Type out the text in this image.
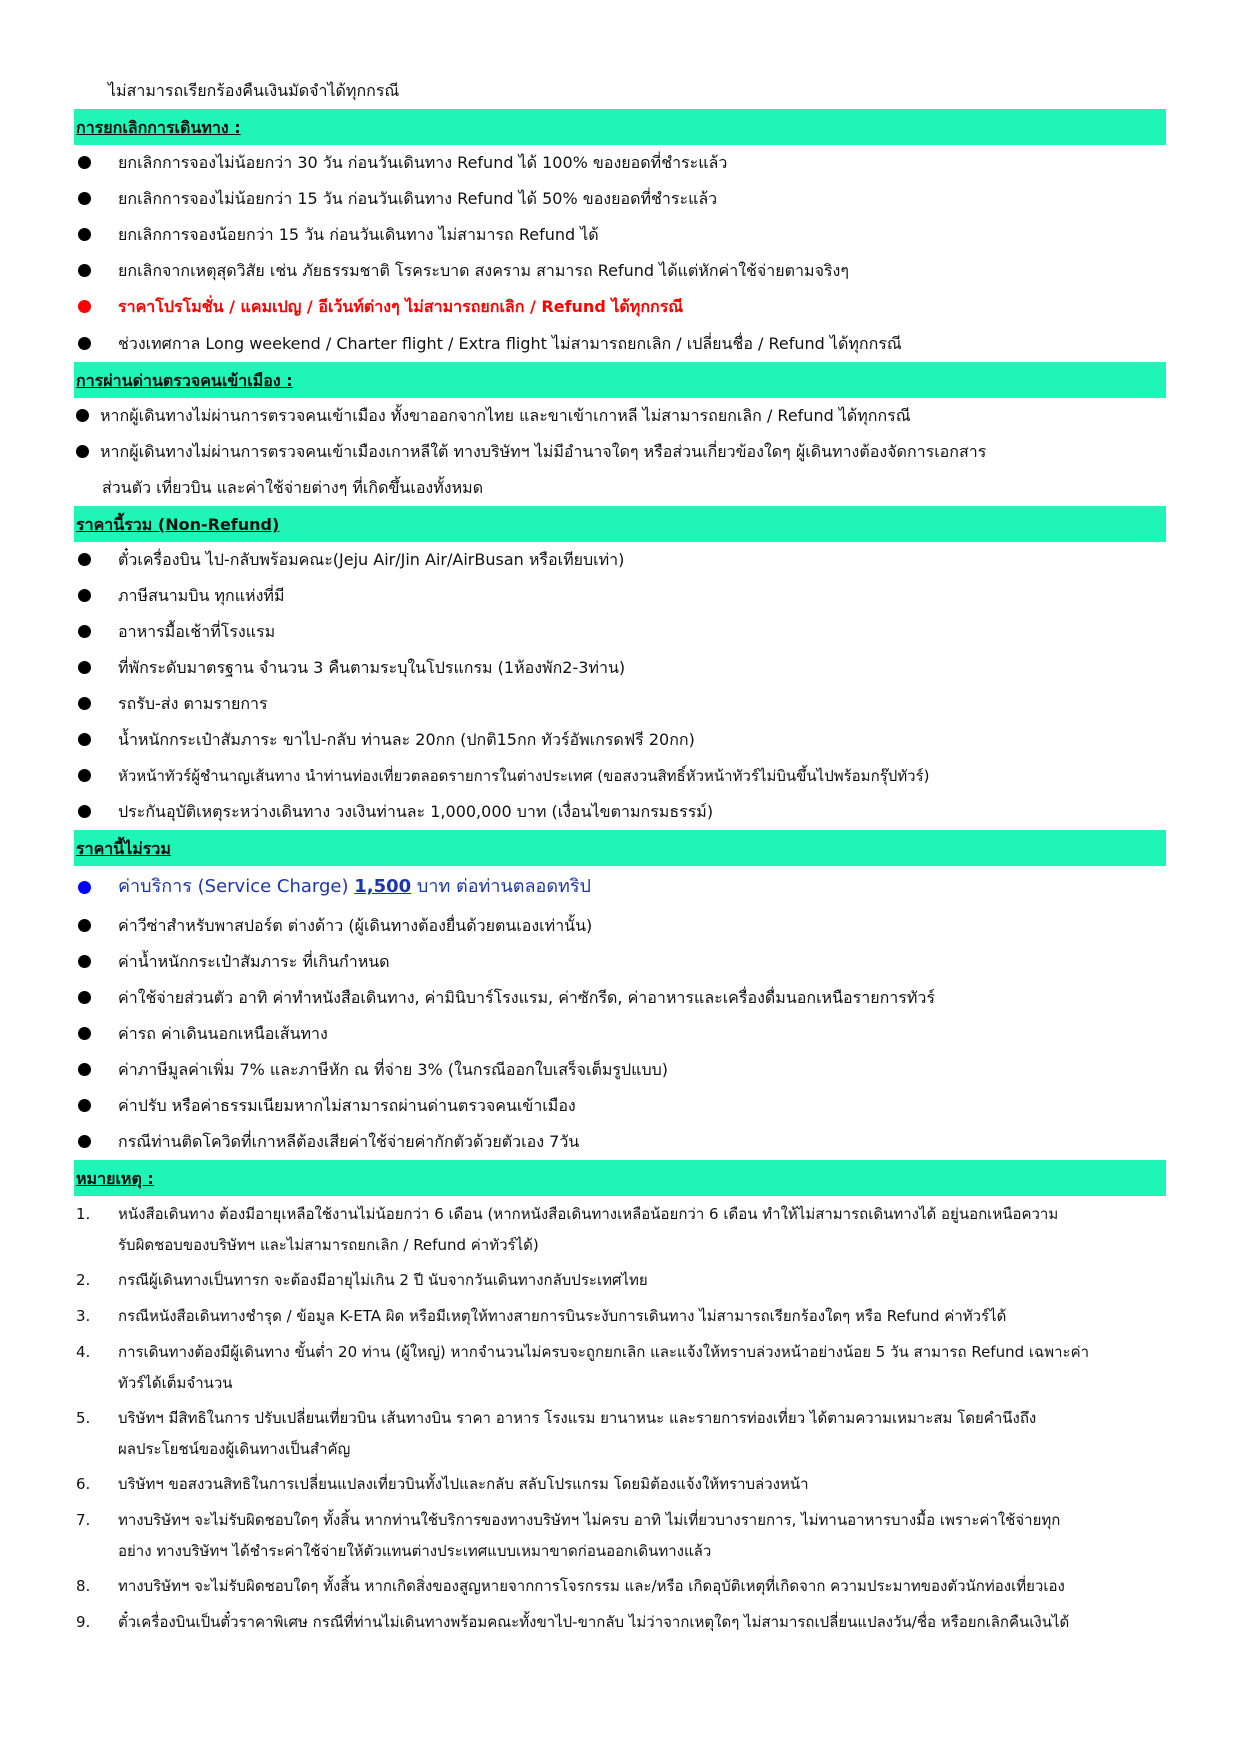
ไม่สามารถเรียกร้องคืนเงินมัดจำได้ทุกกรณี
การยกเลิกการเดินทาง :
ยกเลิกการจองไม่น้อยกว่า 30 วัน ก่อนวันเดินทาง Refund ได้ 100% ของยอดที่ชำระแล้ว
ยกเลิกการจองไม่น้อยกว่า 15 วัน ก่อนวันเดินทาง Refund ได้ 50% ของยอดที่ชำระแล้ว
ยกเลิกการจองน้อยกว่า 15 วัน ก่อนวันเดินทาง ไม่สามารถ Refund ได้
ยกเลิกจากเหตุสุดวิสัย เช่น ภัยธรรมชาติ โรคระบาด สงคราม สามารถ Refund ได้แต่หักค่าใช้จ่ายตามจริงๆ
ราคาโปรโมชั่น / แคมเปญ / อีเว้นท์ต่างๆ ไม่สามารถยกเลิก / Refund ได้ทุกกรณี
ช่วงเทศกาล Long weekend / Charter flight / Extra flight ไม่สามารถยกเลิก / เปลี่ยนชื่อ / Refund ได้ทุกกรณี
การผ่านด่านตรวจคนเข้าเมือง :
หากผู้เดินทางไม่ผ่านการตรวจคนเข้าเมือง ทั้งขาออกจากไทย และขาเข้าเกาหลี ไม่สามารถยกเลิก / Refund ได้ทุกกรณี
หากผู้เดินทางไม่ผ่านการตรวจคนเข้าเมืองเกาหลีใต้ ทางบริษัทฯ ไม่มีอำนาจใดๆ หรือส่วนเกี่ยวข้องใดๆ ผู้เดินทางต้องจัดการเอกสาร
ส่วนตัว เที่ยวบิน และค่าใช้จ่ายต่างๆ ที่เกิดขึ้นเองทั้งหมด
ราคานี้รวม (Non-Refund)
ตั๋วเครื่องบิน ไป-กลับพร้อมคณะ(Jeju Air/Jin Air/AirBusan หรือเทียบเท่า)
ภาษีสนามบิน ทุกแห่งที่มี
อาหารมื้อเช้าที่โรงแรม
ที่พักระดับมาตรฐาน จำนวน 3 คืนตามระบุในโปรแกรม (1ห้องพัก2-3ท่าน)
รถรับ-ส่ง ตามรายการ
น้ำหนักกระเป๋าสัมภาระ ขาไป-กลับ ท่านละ 20กก (ปกติ15กก ทัวร์อัพเกรดฟรี 20กก)
หัวหน้าทัวร์ผู้ชำนาญเส้นทาง นำท่านท่องเที่ยวตลอดรายการในต่างประเทศ (ขอสงวนสิทธิ์หัวหน้าทัวร์ไม่บินขึ้นไปพร้อมกรุ๊ปทัวร์)
ประกันอุบัติเหตุระหว่างเดินทาง วงเงินท่านละ 1,000,000 บาท (เงื่อนไขตามกรมธรรม์)
ราคานี้ไม่รวม
ค่าบริการ (Service Charge) 1,500 บาท ต่อท่านตลอดทริป
ค่าวีซ่าสำหรับพาสปอร์ต ต่างด้าว (ผู้เดินทางต้องยื่นด้วยตนเองเท่านั้น)
ค่าน้ำหนักกระเป๋าสัมภาระ ที่เกินกำหนด
ค่าใช้จ่ายส่วนตัว อาทิ ค่าทำหนังสือเดินทาง, ค่ามินิบาร์โรงแรม, ค่าซักรีด, ค่าอาหารและเครื่องดื่มนอกเหนือรายการทัวร์
ค่ารถ ค่าเดินนอกเหนือเส้นทาง
ค่าภาษีมูลค่าเพิ่ม 7% และภาษีหัก ณ ที่จ่าย 3% (ในกรณีออกใบเสร็จเต็มรูปแบบ)
ค่าปรับ หรือค่าธรรมเนียมหากไม่สามารถผ่านด่านตรวจคนเข้าเมือง
กรณีท่านติดโควิดที่เกาหลีต้องเสียค่าใช้จ่ายค่ากักตัวด้วยตัวเอง 7วัน
หมายเหตุ :
1. หนังสือเดินทาง ต้องมีอายุเหลือใช้งานไม่น้อยกว่า 6 เดือน (หากหนังสือเดินทางเหลือน้อยกว่า 6 เดือน ทำให้ไม่สามารถเดินทางได้ อยู่นอกเหนือความ
รับผิดชอบของบริษัทฯ และไม่สามารถยกเลิก / Refund ค่าทัวร์ได้)
2. กรณีผู้เดินทางเป็นทารก จะต้องมีอายุไม่เกิน 2 ปี นับจากวันเดินทางกลับประเทศไทย
3. กรณีหนังสือเดินทางชำรุด / ข้อมูล K-ETA ผิด หรือมีเหตุให้ทางสายการบินระงับการเดินทาง ไม่สามารถเรียกร้องใดๆ หรือ Refund ค่าทัวร์ได้
4. การเดินทางต้องมีผู้เดินทาง ขั้นต่ำ 20 ท่าน (ผู้ใหญ่) หากจำนวนไม่ครบจะถูกยกเลิก และแจ้งให้ทราบล่วงหน้าอย่างน้อย 5 วัน สามารถ Refund เฉพาะค่า
ทัวร์ได้เต็มจำนวน
5. บริษัทฯ มีสิทธิในการ ปรับเปลี่ยนเที่ยวบิน เส้นทางบิน ราคา อาหาร โรงแรม ยานาหนะ และรายการท่องเที่ยว ได้ตามความเหมาะสม โดยคำนึงถึง
ผลประโยชน์ของผู้เดินทางเป็นสำคัญ
6. บริษัทฯ ขอสงวนสิทธิในการเปลี่ยนแปลงเที่ยวบินทั้งไปและกลับ สลับโปรแกรม โดยมิต้องแจ้งให้ทราบล่วงหน้า
7. ทางบริษัทฯ จะไม่รับผิดชอบใดๆ ทั้งสิ้น หากท่านใช้บริการของทางบริษัทฯ ไม่ครบ อาทิ ไม่เที่ยวบางรายการ, ไม่ทานอาหารบางมื้อ เพราะค่าใช้จ่ายทุก
อย่าง ทางบริษัทฯ ได้ชำระค่าใช้จ่ายให้ตัวแทนต่างประเทศแบบเหมาขาดก่อนออกเดินทางแล้ว
8. ทางบริษัทฯ จะไม่รับผิดชอบใดๆ ทั้งสิ้น หากเกิดสิ่งของสูญหายจากการโจรกรรม และ/หรือ เกิดอุบัติเหตุที่เกิดจาก ความประมาทของตัวนักท่องเที่ยวเอง
9. ตั๋วเครื่องบินเป็นตั๋วราคาพิเศษ กรณีที่ท่านไม่เดินทางพร้อมคณะทั้งขาไป-ขากลับ ไม่ว่าจากเหตุใดๆ ไม่สามารถเปลี่ยนแปลงวัน/ชื่อ หรือยกเลิกคืนเงินได้
